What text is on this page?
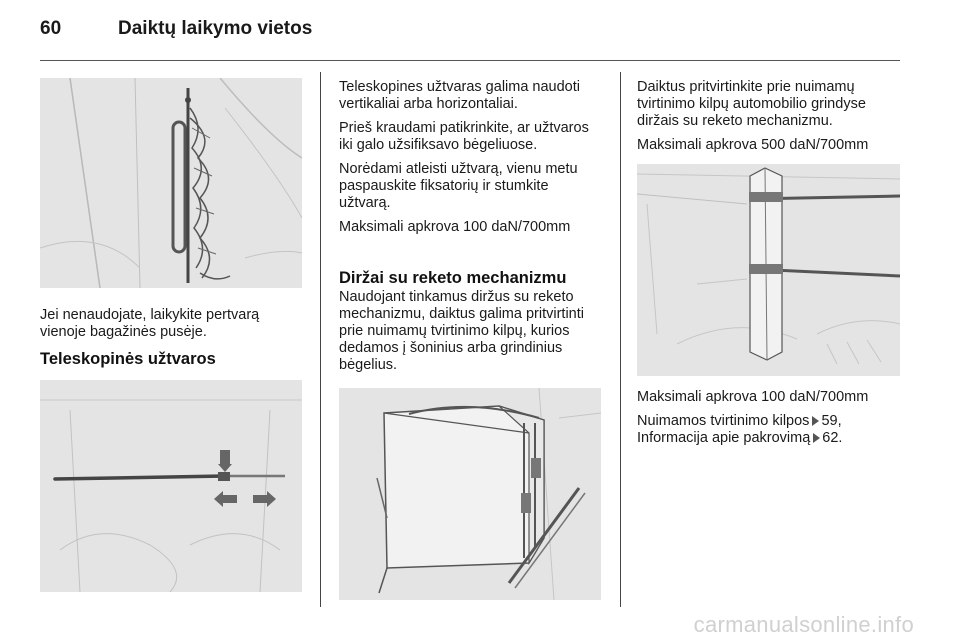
60	Daiktų laikymo vietos

Jei nenaudojate, laikykite pertvarą vienoje bagažinės pusėje.

Teleskopinės užtvaros

Teleskopines užtvaras galima naudoti vertikaliai arba horizontaliai.

Prieš kraudami patikrinkite, ar užtvaros iki galo užsifiksavo bėgeliuose.

Norėdami atleisti užtvarą, vienu metu paspauskite fiksatorių ir stumkite užtvarą.

Maksimali apkrova 100 daN/700mm

Diržai su reketo mechanizmu

Naudojant tinkamus diržus su reketo mechanizmu, daiktus galima pritvirtinti prie nuimamų tvirtinimo kilpų, kurios dedamos į šoninius arba grindinius bėgelius.

Daiktus pritvirtinkite prie nuimamų tvirtinimo kilpų automobilio grindyse diržais su reketo mechanizmu.

Maksimali apkrova 500 daN/700mm

Maksimali apkrova 100 daN/700mm

Nuimamos tvirtinimo kilpos 59,
Informacija apie pakrovimą 62.

carmanualsonline.info
